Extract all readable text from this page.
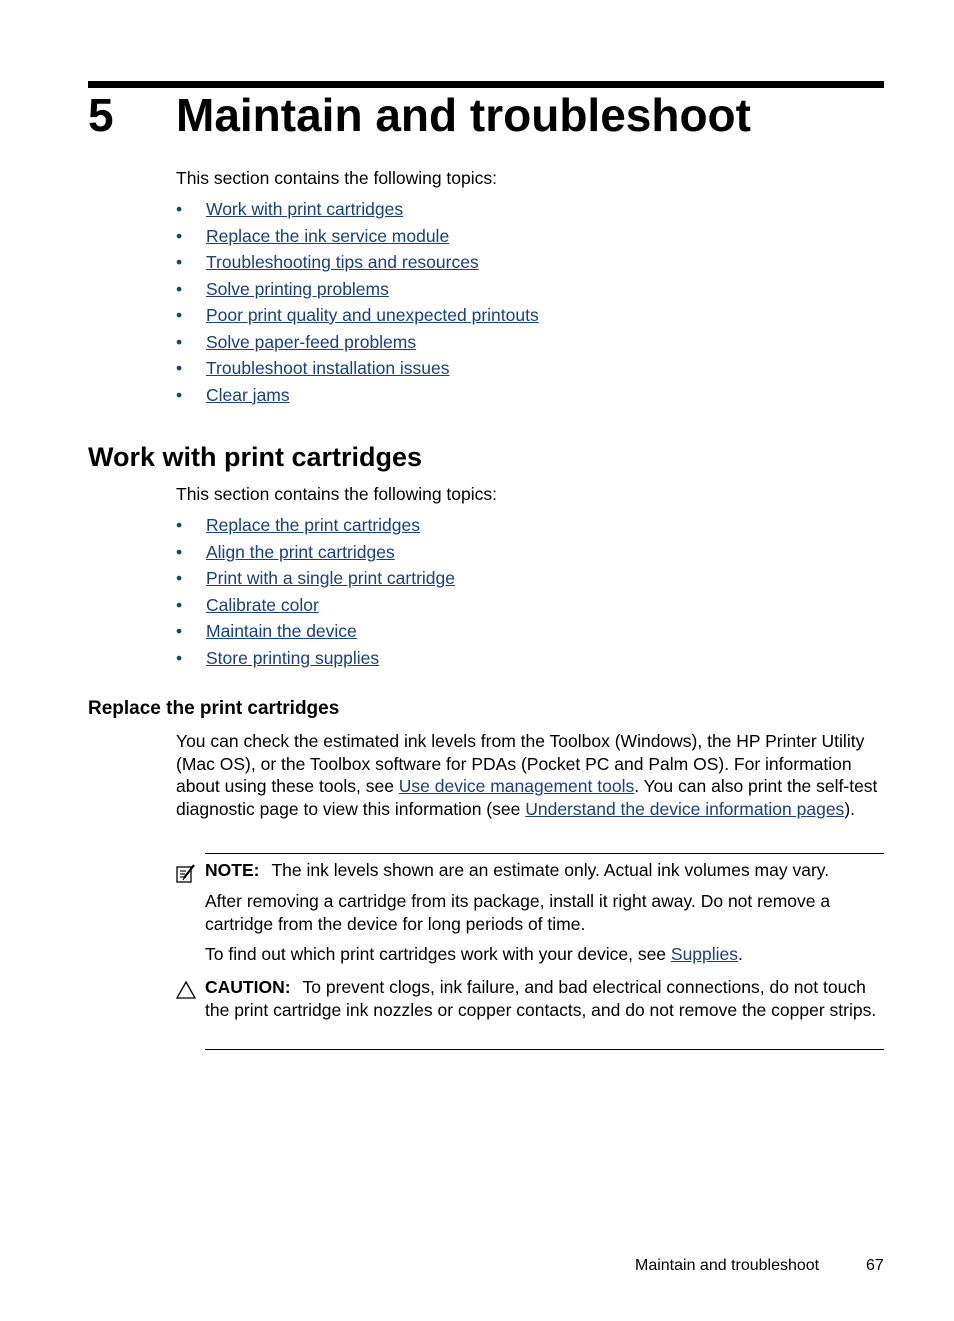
5 Maintain and troubleshoot

This section contains the following topics:

• Work with print cartridges
• Replace the ink service module
• Troubleshooting tips and resources
• Solve printing problems
• Poor print quality and unexpected printouts
• Solve paper-feed problems
• Troubleshoot installation issues
• Clear jams
Work with print cartridges

This section contains the following topics:

• Replace the print cartridges
• Align the print cartridges
• Print with a single print cartridge
• Calibrate color
• Maintain the device
• Store printing supplies
Replace the print cartridges

You can check the estimated ink levels from the Toolbox (Windows), the HP Printer Utility (Mac OS), or the Toolbox software for PDAs (Pocket PC and Palm OS). For information about using these tools, see Use device management tools. You can also print the self-test diagnostic page to view this information (see Understand the device information pages).

NOTE: The ink levels shown are an estimate only. Actual ink volumes may vary.

After removing a cartridge from its package, install it right away. Do not remove a cartridge from the device for long periods of time.

To find out which print cartridges work with your device, see Supplies.

CAUTION: To prevent clogs, ink failure, and bad electrical connections, do not touch the print cartridge ink nozzles or copper contacts, and do not remove the copper strips.

Maintain and troubleshoot	67
